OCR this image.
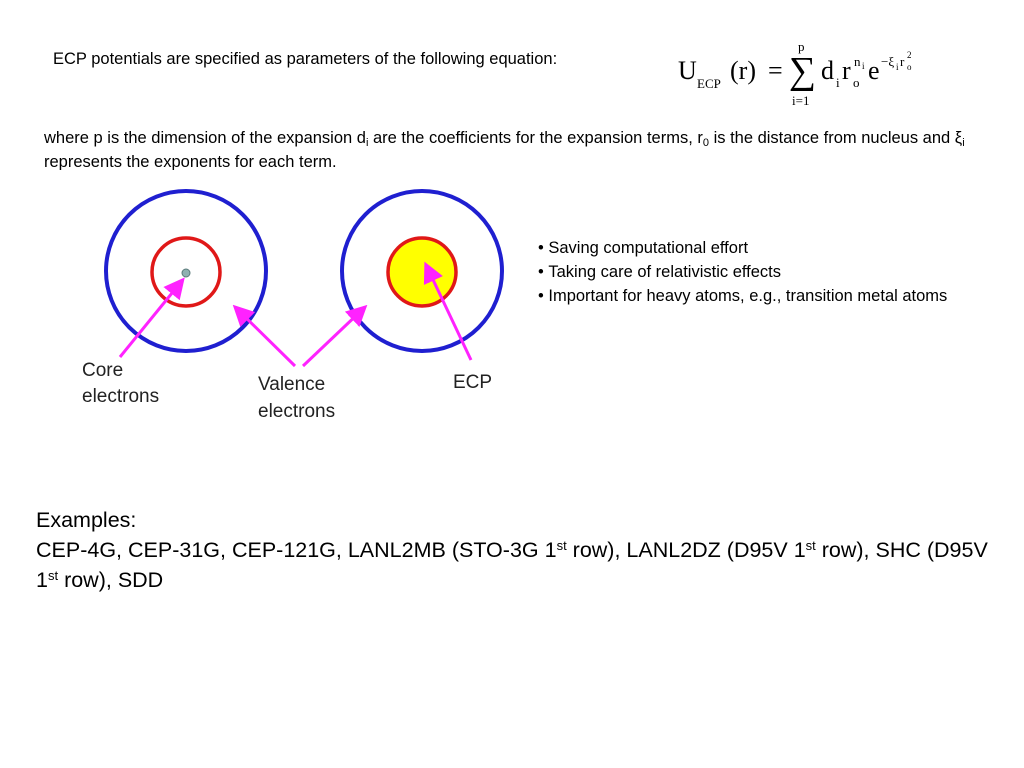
ECP potentials are specified as parameters of the following equation:	U ECP (r) =
p
∑
i=1
d i r o
n i e −ξ i r 2
o
where p is the dimension of the expansion $d_i$ are the coefficients for the expansion terms, $r_0$ is the distance from nucleus and $\xi_i$ represents the exponents for each term.
Core
electrons
Valence
electrons
ECP
• Saving computational effort
• Taking care of relativistic effects
• Important for heavy atoms, e.g., transition metal atoms
Examples:
CEP-4G, CEP-31G, CEP-121G, LANL2MB (STO-3G 1st row), LANL2DZ (D95V 1st row), SHC (D95V 1st row), SDD
